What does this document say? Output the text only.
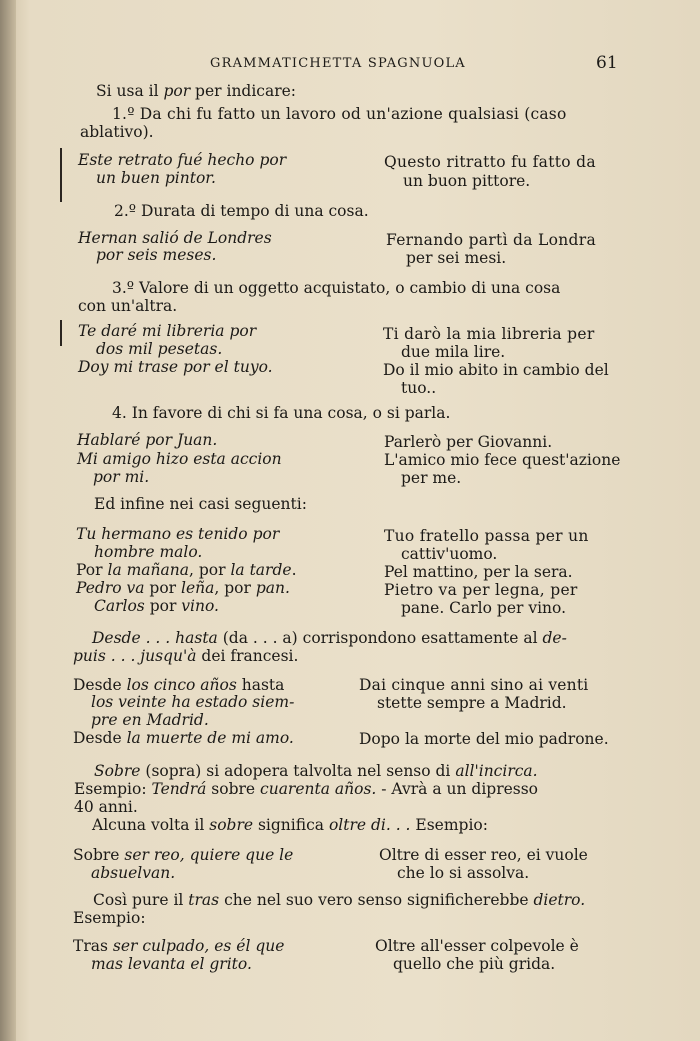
GRAMMATICHETTA SPAGNUOLA	61
Si usa il por per indicare:
1.º Da chi fu fatto un lavoro od un'azione qualsiasi (caso
ablativo).
Este retrato fué hecho por
un buen pintor.
Questo ritratto fu fatto da
un buon pittore.
2.º Durata di tempo di una cosa.
Hernan salió de Londres
por seis meses.
Fernando partì da Londra
per sei mesi.
3.º Valore di un oggetto acquistato, o cambio di una cosa
con un'altra.
Te daré mi libreria por
dos mil pesetas.
Doy mi trase por el tuyo.
Ti darò la mia libreria per
due mila lire.
Do il mio abito in cambio del
tuo..
4. In favore di chi si fa una cosa, o si parla.
Hablaré por Juan.
Mi amigo hizo esta accion
por mi.
Parlerò per Giovanni.
L'amico mio fece quest'azione
per me.
Ed infine nei casi seguenti:
Tu hermano es tenido por
hombre malo.
Por la mañana, por la tarde.
Pedro va por leña, por pan.
Carlos por vino.
Tuo fratello passa per un
cattiv'uomo.
Pel mattino, per la sera.
Pietro va per legna, per
pane. Carlo per vino.
Desde . . . hasta (da . . . a) corrispondono esattamente al de-
puis . . . jusqu'à dei francesi.
Desde los cinco años hasta
los veinte ha estado siem-
pre en Madrid.
Desde la muerte de mi amo.
Dai cinque anni sino ai venti
stette sempre a Madrid.
Dopo la morte del mio padrone.
Sobre (sopra) si adopera talvolta nel senso di all'incirca.
Esempio: Tendrá sobre cuarenta años. - Avrà a un dipresso
40 anni.
Alcuna volta il sobre significa oltre di. . . Esempio:
Sobre ser reo, quiere que le
absuelvan.
Oltre di esser reo, ei vuole
che lo si assolva.
Così pure il tras che nel suo vero senso significherebbe dietro.
Esempio:
Tras ser culpado, es él que
mas levanta el grito.
Oltre all'esser colpevole è
quello che più grida.
